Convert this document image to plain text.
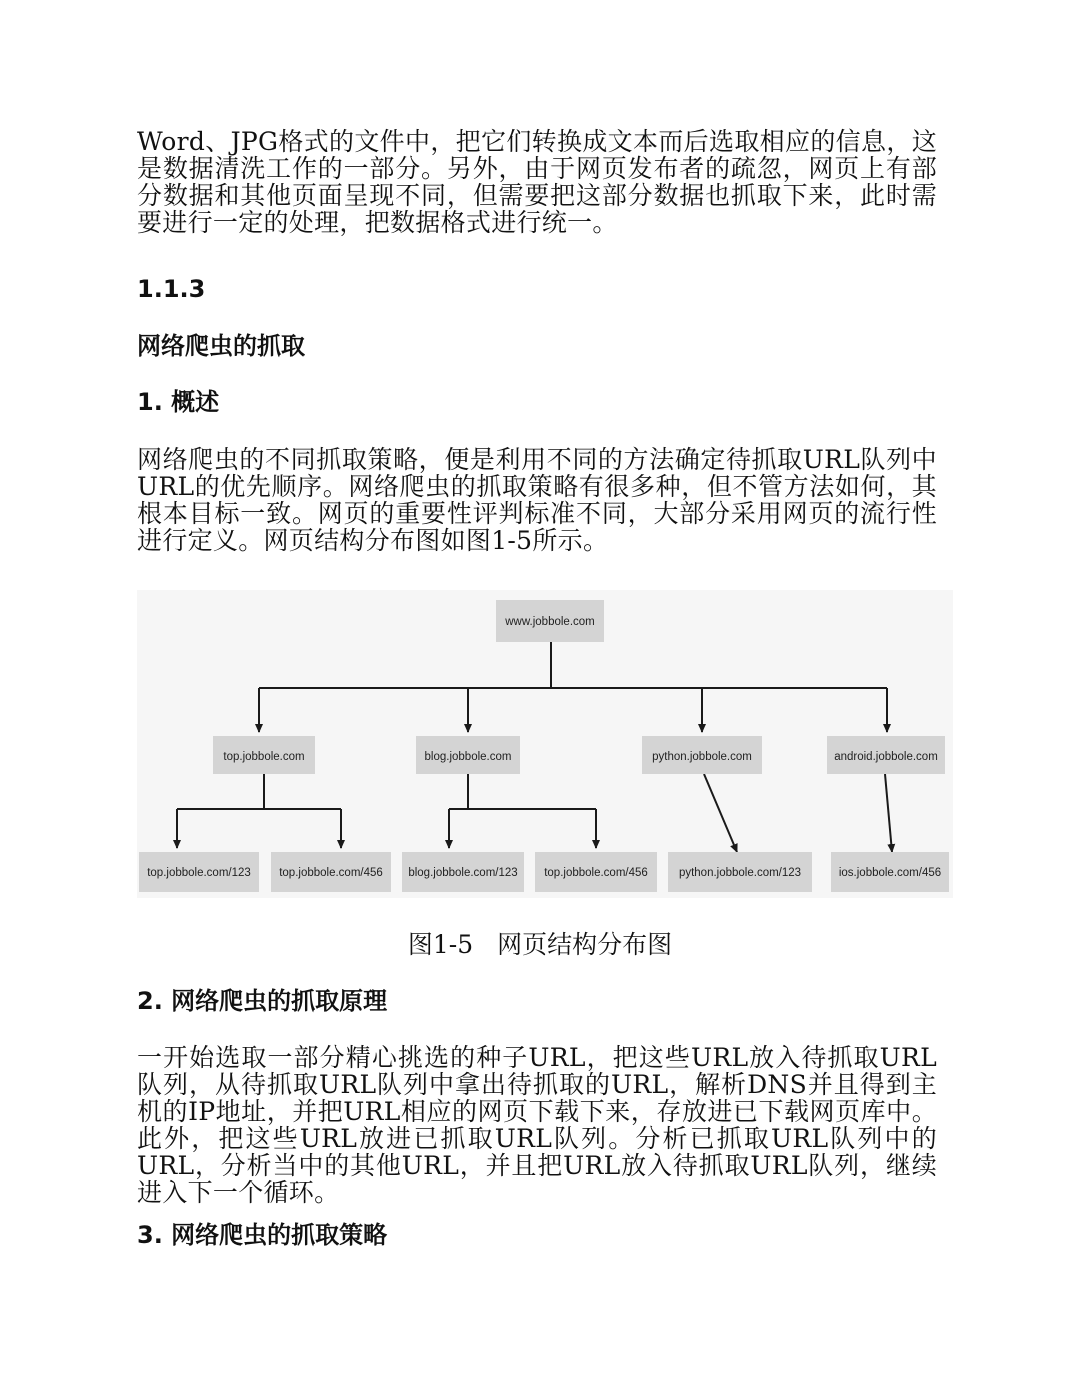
Word、JPG格式的文件中，把它们转换成文本而后选取相应的信息，这是数据清洗工作的一部分。另外，由于网页发布者的疏忽，网页上有部分数据和其他页面呈现不同，但需要把这部分数据也抓取下来，此时需要进行一定的处理，把数据格式进行统一。

1.1.3
网络爬虫的抓取
1. 概述

网络爬虫的不同抓取策略，便是利用不同的方法确定待抓取URL队列中URL的优先顺序。网络爬虫的抓取策略有很多种，但不管方法如何，其根本目标一致。网页的重要性评判标准不同，大部分采用网页的流行性进行定义。网页结构分布图如图1-5所示。

www.jobbole.com
top.jobbole.com	blog.jobbole.com	python.jobbole.com	android.jobbole.com
top.jobbole.com/123 top.jobbole.com/456 blog.jobbole.com/123 top.jobbole.com/456	python.jobbole.com/123	ios.jobbole.com/456

图1-5 网页结构分布图

2. 网络爬虫的抓取原理

一开始选取一部分精心挑选的种子URL，把这些URL放入待抓取URL队列，从待抓取URL队列中拿出待抓取的URL，解析DNS并且得到主机的IP地址，并把URL相应的网页下载下来，存放进已下载网页库中。此外，把这些URL放进已抓取URL队列。分析已抓取URL队列中的URL，分析当中的其他URL，并且把URL放入待抓取URL队列，继续进入下一个循环。

3. 网络爬虫的抓取策略
